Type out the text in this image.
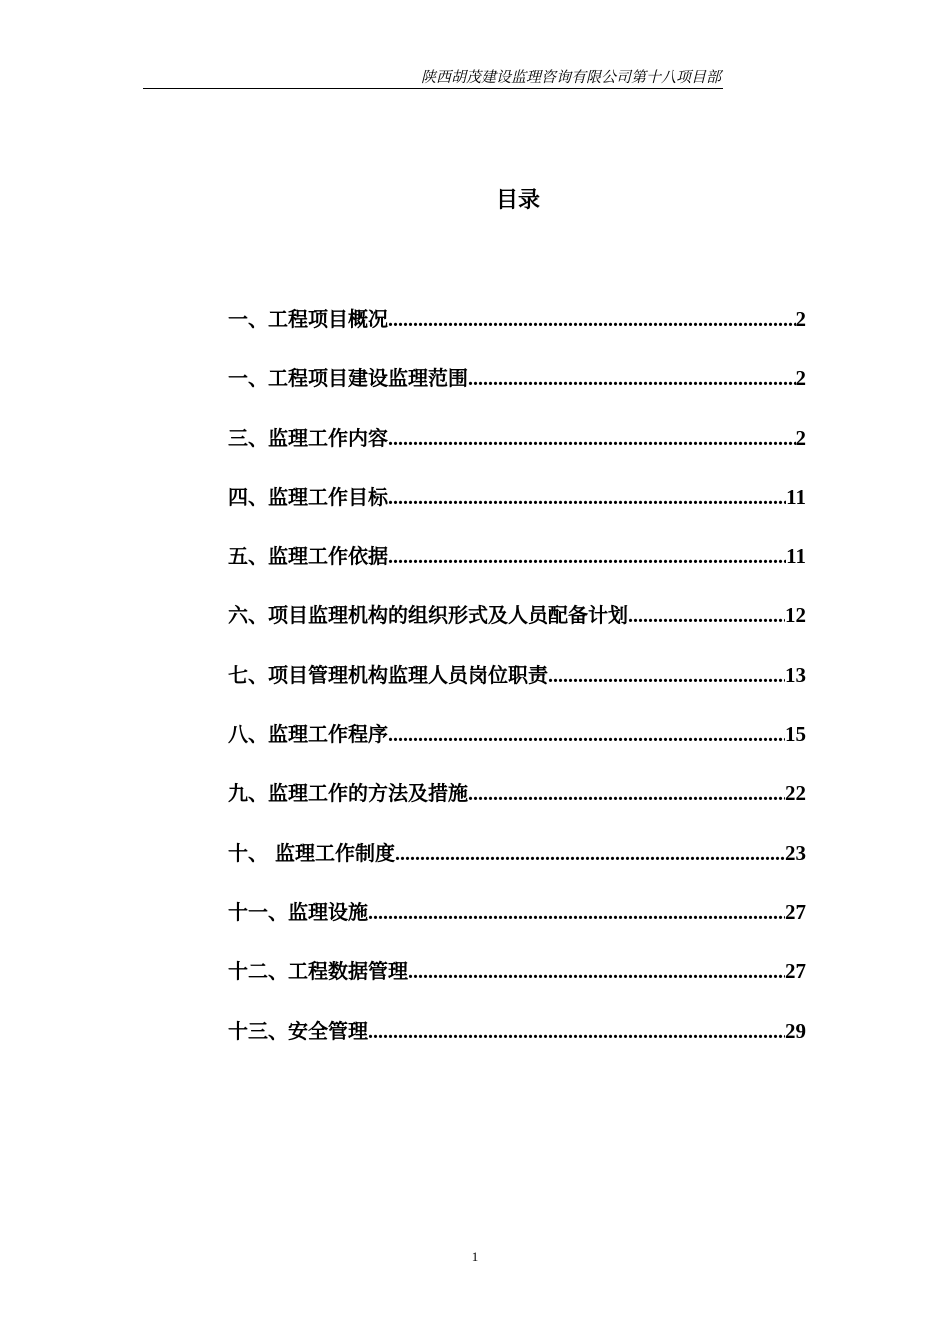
陕西胡茂建设监理咨询有限公司第十八项目部
目录
一、工程项目概况 .....	2
一、工程项目建设监理范围 .....	2
三、监理工作内容 .....	2
四、监理工作目标 .....	11
五、监理工作依据 .....	11
六、项目监理机构的组织形式及人员配备计划 .....	12
七、项目管理机构监理人员岗位职责 .....	13
八、监理工作程序 .....	15
九、监理工作的方法及措施 .....	22
十、 监理工作制度 .....	23
十一、监理设施 .....	27
十二、工程数据管理 .....	27
十三、安全管理 .....	29
1
